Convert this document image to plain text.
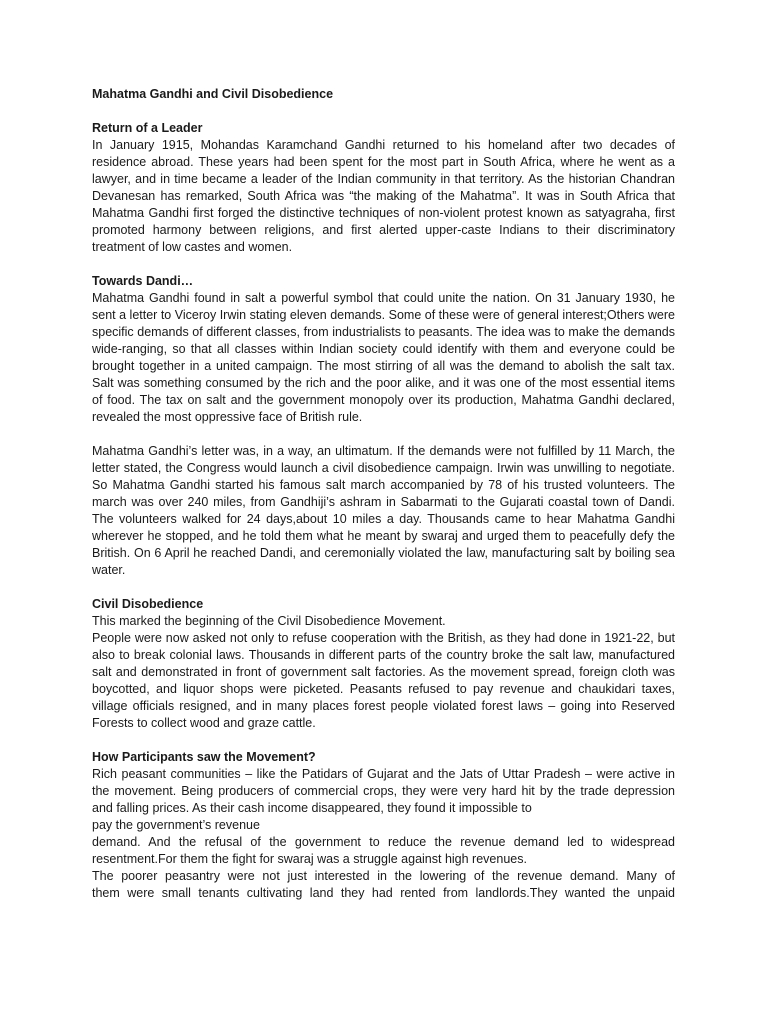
Mahatma Gandhi and Civil Disobedience
Return of a Leader

In January 1915, Mohandas Karamchand Gandhi returned to his homeland after two decades of residence abroad. These years had been spent for the most part in South Africa, where he went as a lawyer, and in time became a leader of the Indian community in that territory. As the historian Chandran Devanesan has remarked, South Africa was “the making of the Mahatma”. It was in South Africa that Mahatma Gandhi first forged the distinctive techniques of non-violent protest known as satyagraha, first promoted harmony between religions, and first alerted upper-caste Indians to their discriminatory treatment of low castes and women.

Towards Dandi…

Mahatma Gandhi found in salt a powerful symbol that could unite the nation. On 31 January 1930, he sent a letter to Viceroy Irwin stating eleven demands. Some of these were of general interest;Others were specific demands of different classes, from industrialists to peasants. The idea was to make the demands wide-ranging, so that all classes within Indian society could identify with them and everyone could be brought together in a united campaign. The most stirring of all was the demand to abolish the salt tax. Salt was something consumed by the rich and the poor alike, and it was one of the most essential items of food. The tax on salt and the government monopoly over its production, Mahatma Gandhi declared, revealed the most oppressive face of British rule.

Mahatma Gandhi’s letter was, in a way, an ultimatum. If the demands were not fulfilled by 11 March, the letter stated, the Congress would launch a civil disobedience campaign. Irwin was unwilling to negotiate. So Mahatma Gandhi started his famous salt march accompanied by 78 of his trusted volunteers. The march was over 240 miles, from Gandhiji’s ashram in Sabarmati to the Gujarati coastal town of Dandi. The volunteers walked for 24 days,about 10 miles a day. Thousands came to hear Mahatma Gandhi wherever he stopped, and he told them what he meant by swaraj and urged them to peacefully defy the British. On 6 April he reached Dandi, and ceremonially violated the law, manufacturing salt by boiling sea water.

Civil Disobedience

This marked the beginning of the Civil Disobedience Movement.

People were now asked not only to refuse cooperation with the British, as they had done in 1921-22, but also to break colonial laws. Thousands in different parts of the country broke the salt law, manufactured salt and demonstrated in front of government salt factories. As the movement spread, foreign cloth was boycotted, and liquor shops were picketed. Peasants refused to pay revenue and chaukidari taxes, village officials resigned, and in many places forest people violated forest laws – going into Reserved Forests to collect wood and graze cattle.

How Participants saw the Movement?

Rich peasant communities – like the Patidars of Gujarat and the Jats of Uttar Pradesh – were active in the movement. Being producers of commercial crops, they were very hard hit by the trade depression and falling prices. As their cash income disappeared, they found it impossible to

pay the government’s revenue

demand. And the refusal of the government to reduce the revenue demand led to widespread resentment.For them the fight for swaraj was a struggle against high revenues.

The poorer peasantry were not just interested in the lowering of the revenue demand. Many of

them were small tenants cultivating land they had rented from landlords.They wanted the unpaid
